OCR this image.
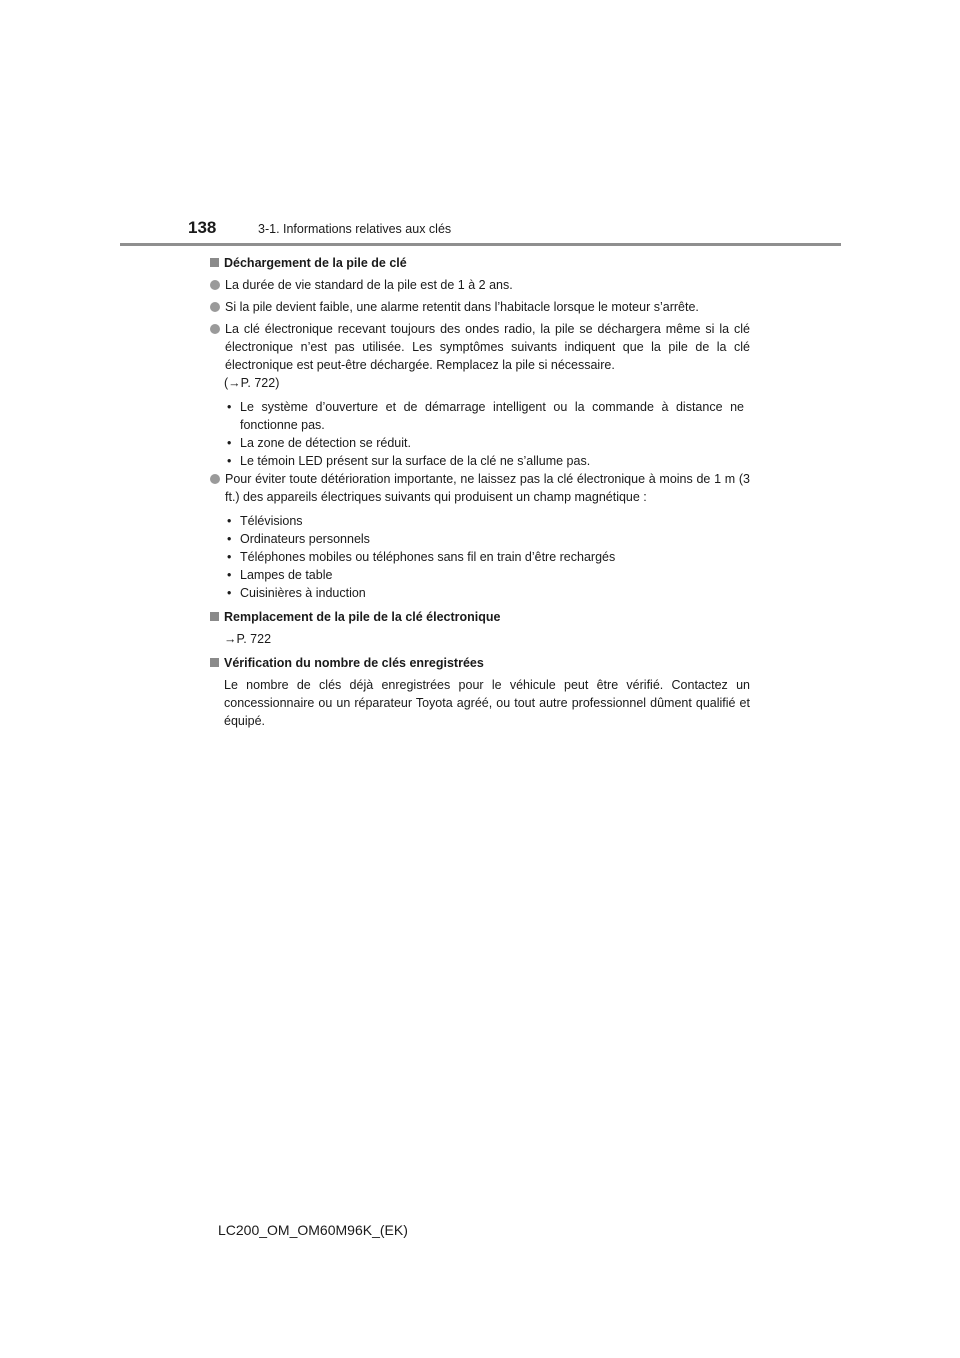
138	3-1. Informations relatives aux clés
Déchargement de la pile de clé
La durée de vie standard de la pile est de 1 à 2 ans.
Si la pile devient faible, une alarme retentit dans l’habitacle lorsque le moteur s’arrête.
La clé électronique recevant toujours des ondes radio, la pile se déchargera même si la clé électronique n’est pas utilisée. Les symptômes suivants indiquent que la pile de la clé électronique est peut-être déchargée. Remplacez la pile si nécessaire.
(→P. 722)
• Le système d’ouverture et de démarrage intelligent ou la commande à distance ne fonctionne pas.
• La zone de détection se réduit.
• Le témoin LED présent sur la surface de la clé ne s’allume pas.
Pour éviter toute détérioration importante, ne laissez pas la clé électronique à moins de 1 m (3 ft.) des appareils électriques suivants qui produisent un champ magnétique :
• Télévisions
• Ordinateurs personnels
• Téléphones mobiles ou téléphones sans fil en train d’être rechargés
• Lampes de table
• Cuisinières à induction
Remplacement de la pile de la clé électronique
→P. 722
Vérification du nombre de clés enregistrées
Le nombre de clés déjà enregistrées pour le véhicule peut être vérifié. Contactez un concessionnaire ou un réparateur Toyota agréé, ou tout autre professionnel dûment qualifié et équipé.
LC200_OM_OM60M96K_(EK)
